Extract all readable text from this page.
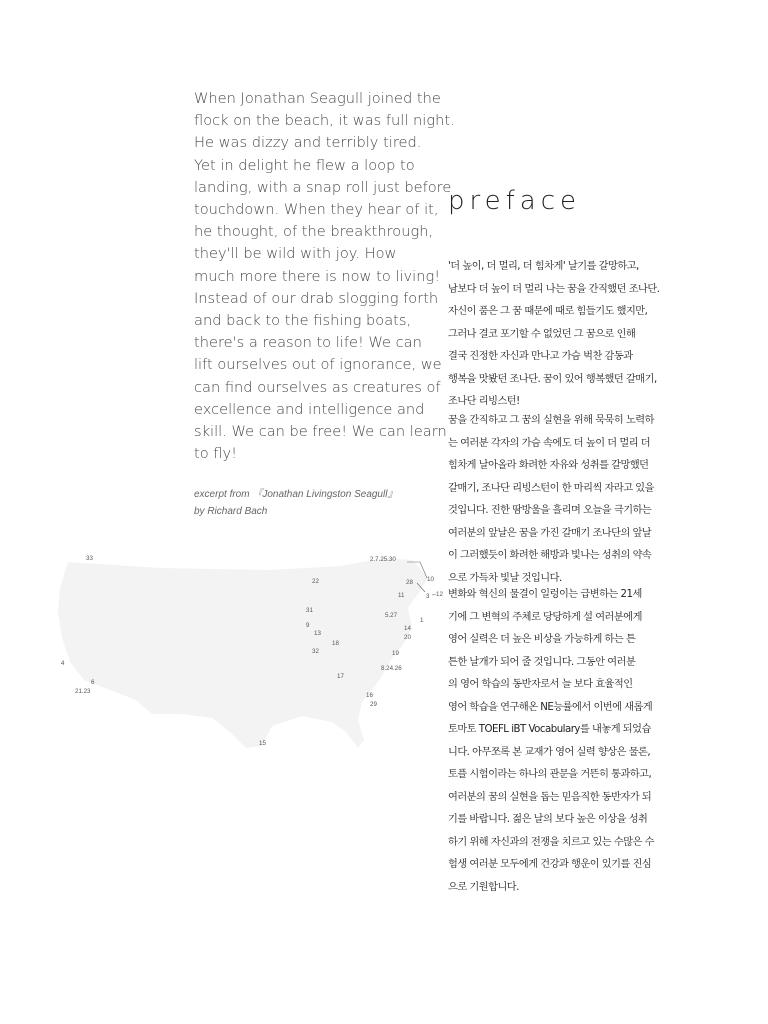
When Jonathan Seagull joined the
flock on the beach, it was full night.
He was dizzy and terribly tired.
Yet in delight he flew a loop to
landing, with a snap roll just before
touchdown. When they hear of it,
he thought, of the breakthrough,
they'll be wild with joy. How
much more there is now to living!
Instead of our drab slogging forth
and back to the fishing boats,
there's a reason to life! We can
lift ourselves out of ignorance, we
can find ourselves as creatures of
excellence and intelligence and
skill. We can be free! We can learn
to fly!
excerpt from 『Jonathan Livingston Seagull』
by Richard Bach
preface
'더 높이, 더 멀리, 더 힘차게' 날기를 갈망하고,
남보다 더 높이 더 멀리 나는 꿈을 간직했던 조나단.
자신이 품은 그 꿈 때문에 때로 힘들기도 했지만,
그러나 결코 포기할 수 없었던 그 꿈으로 인해
결국 진정한 자신과 만나고 가슴 벅찬 감동과
행복을 맛봤던 조나단. 꿈이 있어 행복했던 갈매기,
조나단 리빙스턴!
꿈을 간직하고 그 꿈의 실현을 위해 묵묵히 노력하
는 여러분 각자의 가슴 속에도 더 높이 더 멀리 더
힘차게 날아올라 화려한 자유와 성취를 갈망했던
갈매기, 조나단 리빙스턴이 한 마리씩 자라고 있을
것입니다. 진한 땀방울을 흘리며 오늘을 극기하는
여러분의 앞날은 꿈을 가진 갈매기 조나단의 앞날
이 그러했듯이 화려한 해방과 빛나는 성취의 약속
으로 가득차 빛날 것입니다.
변화와 혁신의 물결이 일렁이는 급변하는 21세
기에 그 변혁의 주체로 당당하게 설 여러분에게
영어 실력은 더 높은 비상을 가능하게 하는 튼
튼한 날개가 되어 줄 것입니다. 그동안 여러분
의 영어 학습의 동반자로서 늘 보다 효율적인
영어 학습을 연구해온 NE능률에서 이번에 새롭게
토마토 TOEFL iBT Vocabulary를 내놓게 되었습
니다. 아무쪼록 본 교재가 영어 실력 향상은 물론,
토플 시험이라는 하나의 관문을 거뜬히 통과하고,
여러분의 꿈의 실현을 돕는 믿음직한 동반자가 되
기를 바랍니다. 젊은 날의 보다 높은 이상을 성취
하기 위해 자신과의 전쟁을 치르고 있는 수많은 수
험생 여러분 모두에게 건강과 행운이 있기를 진심
으로 기원합니다.
33
22
2.7.25.30
28 10
11	3 12
31
5.27
1
9	14
13
20
18
32	19
4
17
8.24.26
6
21.23
16
29
15
